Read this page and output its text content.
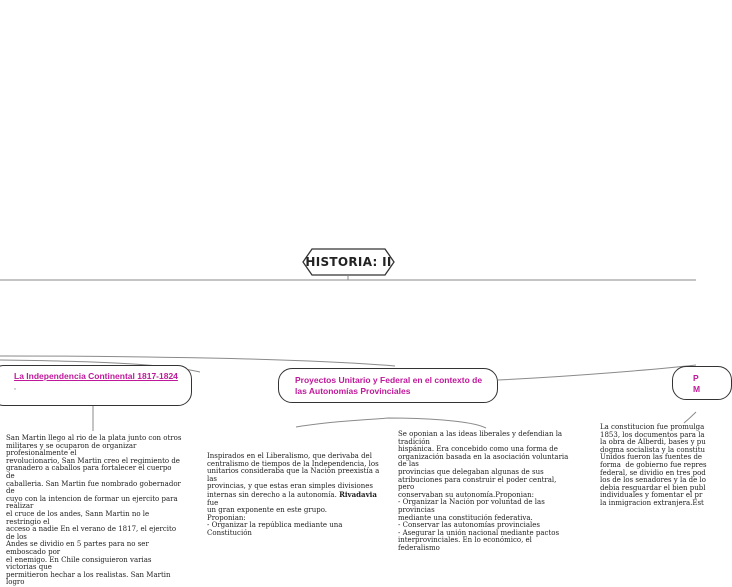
HISTORIA: II
La Independencia Continental 1817-1824
,
Proyectos Unitario y Federal en el contexto de las Autonomías Provinciales
P
M
San Martin llego al rio de la plata junto con otros
militares y se ocuparon de organizar profesionalmente el
revolucionario, San Martin creo el regimiento de
granadero a caballos para fortalecer el cuerpo de
caballeria. San Martin fue nombrado gobernador de
cuyo con la intencion de formar un ejercito para realizar
el cruce de los andes, Sann Martin no le restringio el
acceso a nadie En el verano de 1817, el ejercito de los
Andes se dividio en 5 partes para no ser emboscado por
el enemigo. En Chile consiguieron varias victorias que
permitieron hechar a los realistas. San Martin logro
Inspirados en el Liberalismo, que derivaba del
centralismo de tiempos de la Independencia, los
unitarios consideraba que la Nación preexistía a las
provincias, y que estas eran simples divisiones
internas sin derecho a la autonomía. Rivadavia fue
un gran exponente en este grupo.
Proponian:
- Organizar la república mediante una Constitución
Se oponian a las ideas liberales y defendian la tradición
hispánica. Era concebido como una forma de
organización basada en la asociación voluntaria de las
provincias que delegaban algunas de sus
atribuciones para construir el poder central, pero
conservaban su autonomía.Proponian:
- Organizar la Nación por voluntad de las provincias
mediante una constitución federativa.
- Conservar las autonomías provinciales
- Asegurar la unión nacional mediante pactos
interprovinciales. En lo económico, el federalismo
La constitucion fue promulga
1853, los documentos para la
la obra de Alberdi, bases y pu
dogma socialista y la constitu
Unidos fueron las fuentes de
forma  de gobierno fue repres
federal, se dividio en tres pod
los de los senadores y la de lo
debia resguardar el bien publ
individuales y fomentar el pr
la inmigracion extranjera.Est
